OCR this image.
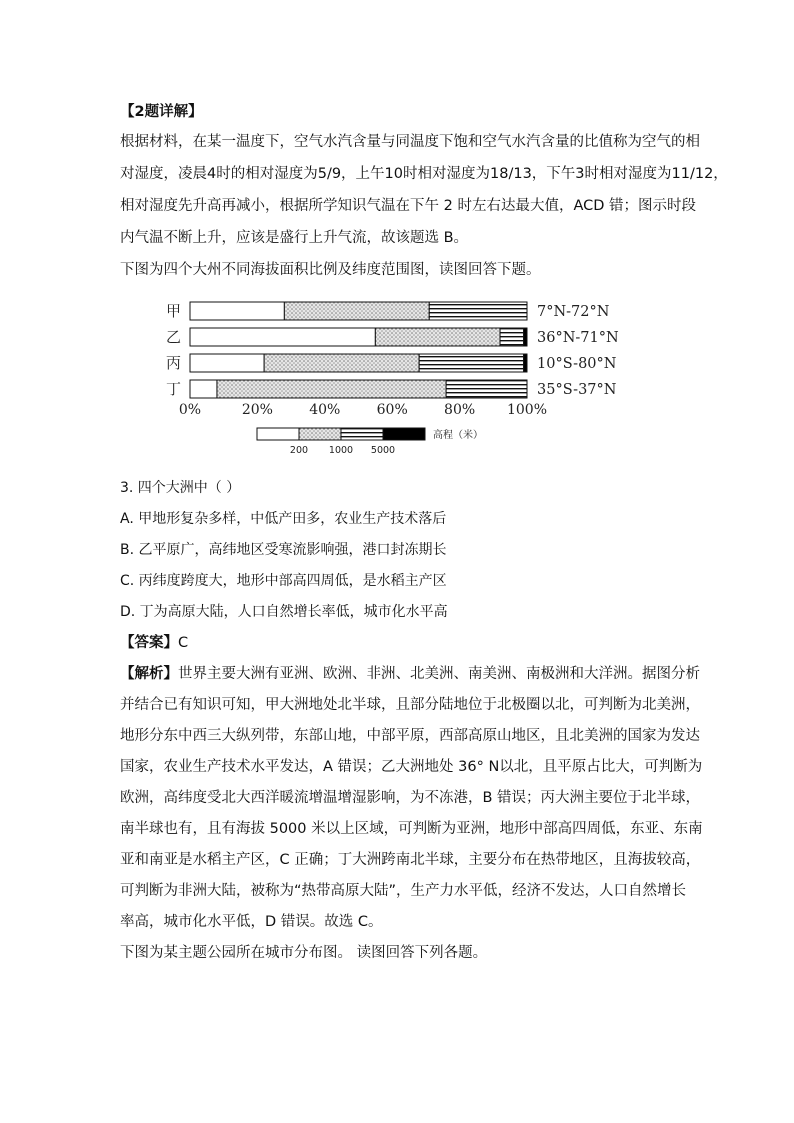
【2题详解】
根据材料，在某一温度下，空气水汽含量与同温度下饱和空气水汽含量的比值称为空气的相
对湿度，凌晨4时的相对湿度为5/9，上午10时相对湿度为18/13，下午3时相对湿度为11/12，
相对湿度先升高再减小，根据所学知识气温在下午 2 时左右达最大值，ACD 错；图示时段
内气温不断上升，应该是盛行上升气流，故该题选 B。
下图为四个大州不同海拔面积比例及纬度范围图，读图回答下题。
甲
乙
丙
丁
7°N-72°N
36°N-71°N
10°S-80°N
35°S-37°N
0%	20%	40%	60%	80% 100%
高程（米）
200 1000 5000
3. 四个大洲中（ ）
A. 甲地形复杂多样，中低产田多，农业生产技术落后
B. 乙平原广，高纬地区受寒流影响强，港口封冻期长
C. 丙纬度跨度大，地形中部高四周低，是水稻主产区
D. 丁为高原大陆，人口自然增长率低，城市化水平高
【答案】C
【解析】世界主要大洲有亚洲、欧洲、非洲、北美洲、南美洲、南极洲和大洋洲。据图分析
并结合已有知识可知，甲大洲地处北半球，且部分陆地位于北极圈以北，可判断为北美洲，
地形分东中西三大纵列带，东部山地，中部平原，西部高原山地区，且北美洲的国家为发达
国家，农业生产技术水平发达，A 错误；乙大洲地处 36° N以北，且平原占比大，可判断为
欧洲，高纬度受北大西洋暖流增温增湿影响，为不冻港，B 错误；丙大洲主要位于北半球，
南半球也有，且有海拔 5000 米以上区域，可判断为亚洲，地形中部高四周低，东亚、东南
亚和南亚是水稻主产区，C 正确；丁大洲跨南北半球，主要分布在热带地区，且海拔较高，
可判断为非洲大陆，被称为“热带高原大陆”，生产力水平低，经济不发达，人口自然增长
率高，城市化水平低，D 错误。故选 C。
下图为某主题公园所在城市分布图。 读图回答下列各题。
